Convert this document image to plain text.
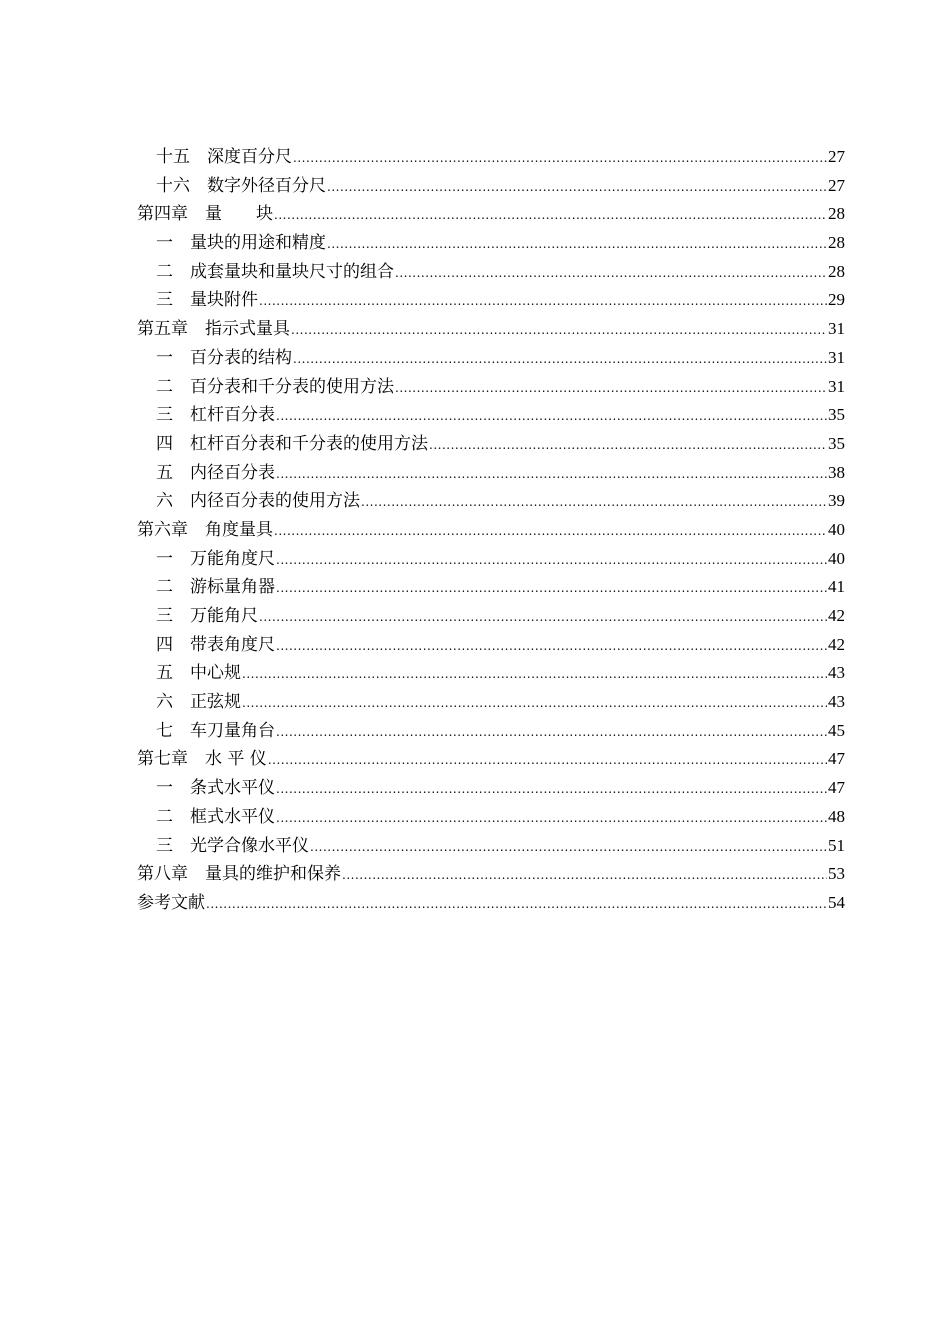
十五　深度百分尺 .....	27
十六　数字外径百分尺 .....	27
第四章　量　　块 .....	28
一　量块的用途和精度 .....	28
二　成套量块和量块尺寸的组合 .....	28
三　量块附件 .....	29
第五章　指示式量具 .....	31
一　百分表的结构 .....	31
二　百分表和千分表的使用方法 .....	31
三　杠杆百分表 .....	35
四　杠杆百分表和千分表的使用方法 .....	35
五　内径百分表 .....	38
六　内径百分表的使用方法 .....	39
第六章　角度量具 .....	40
一　万能角度尺 .....	40
二　游标量角器 .....	41
三　万能角尺 .....	42
四　带表角度尺 .....	42
五　中心规 .....	43
六　正弦规 .....	43
七　车刀量角台 .....	45
第七章　水 平 仪 .....	47
一　条式水平仪 .....	47
二　框式水平仪 .....	48
三　光学合像水平仪 .....	51
第八章　量具的维护和保养 .....	53
参考文献 .....	54
